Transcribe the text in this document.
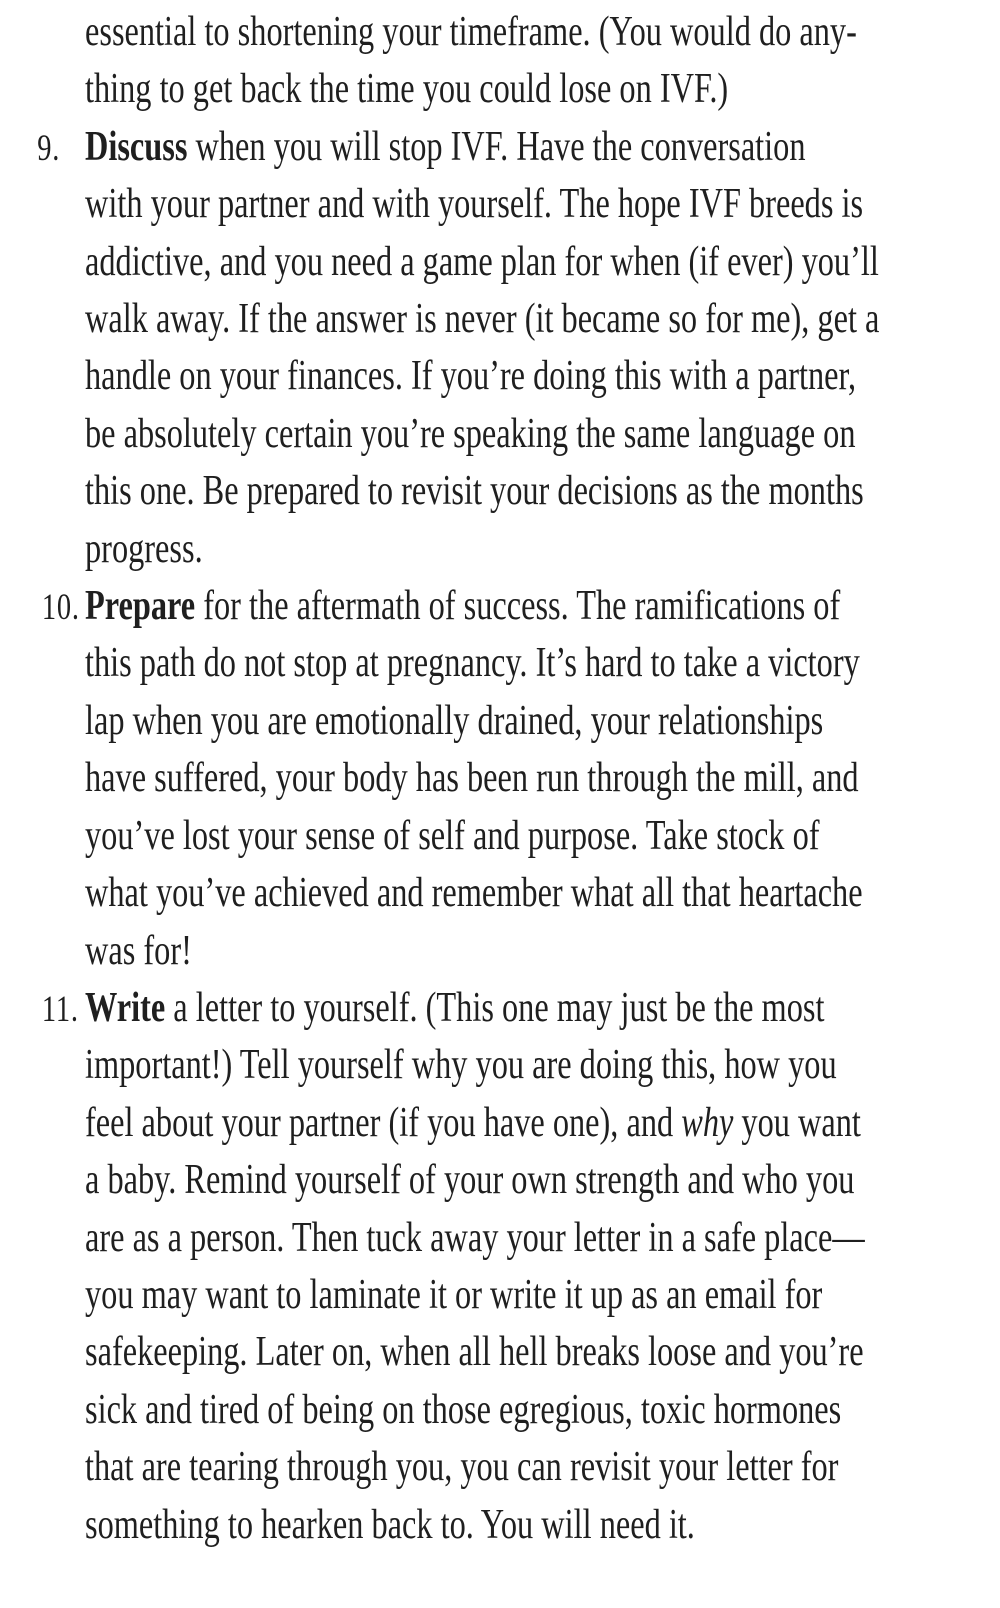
essential to shortening your timeframe. (You would do any-
thing to get back the time you could lose on IVF.)
9. Discuss when you will stop IVF. Have the conversation
with your partner and with yourself. The hope IVF breeds is
addictive, and you need a game plan for when (if ever) you’ll
walk away. If the answer is never (it became so for me), get a
handle on your finances. If you’re doing this with a partner,
be absolutely certain you’re speaking the same language on
this one. Be prepared to revisit your decisions as the months
progress.
10. Prepare for the aftermath of success. The ramifications of
this path do not stop at pregnancy. It’s hard to take a victory
lap when you are emotionally drained, your relationships
have suffered, your body has been run through the mill, and
you’ve lost your sense of self and purpose. Take stock of
what you’ve achieved and remember what all that heartache
was for!
11. Write a letter to yourself. (This one may just be the most
important!) Tell yourself why you are doing this, how you
feel about your partner (if you have one), and why you want
a baby. Remind yourself of your own strength and who you
are as a person. Then tuck away your letter in a safe place—
you may want to laminate it or write it up as an email for
safekeeping. Later on, when all hell breaks loose and you’re
sick and tired of being on those egregious, toxic hormones
that are tearing through you, you can revisit your letter for
something to hearken back to. You will need it.
